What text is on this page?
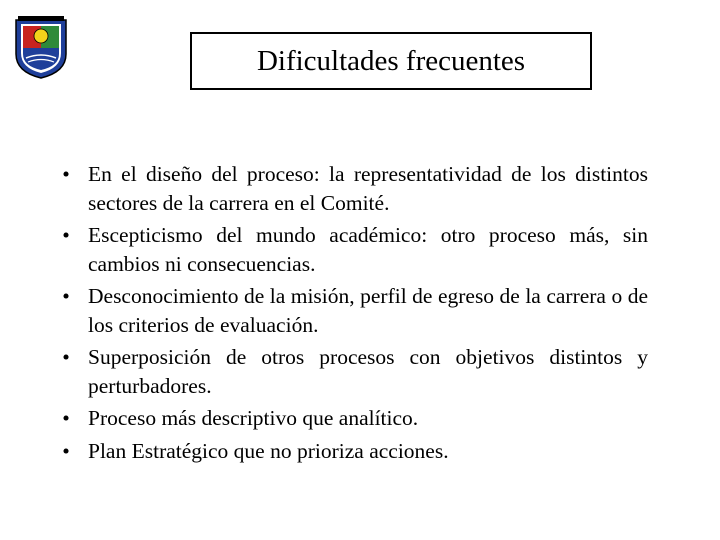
Dificultades frecuentes
• En el diseño del proceso: la representatividad de los distintos sectores de la carrera en el Comité.
• Escepticismo del mundo académico: otro proceso más, sin cambios ni consecuencias.
• Desconocimiento de la misión, perfil de egreso de la carrera o de los criterios de evaluación.
• Superposición de otros procesos con objetivos distintos y perturbadores.
• Proceso más descriptivo que analítico.
• Plan Estratégico que no prioriza acciones.
